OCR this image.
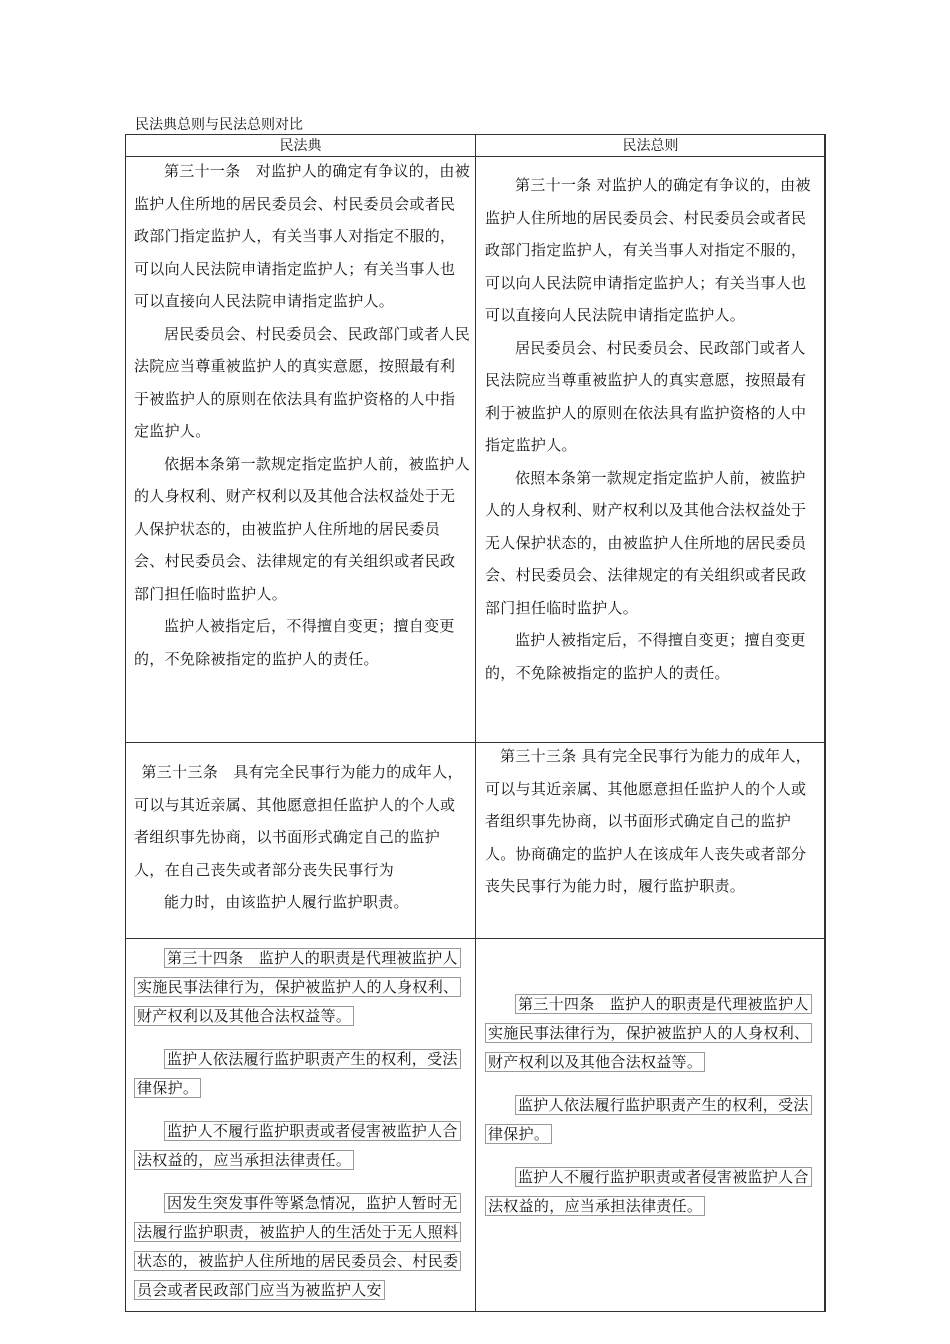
民法典总则与民法总则对比
民法典	民法总则

第三十一条　对监护人的确定有争议的，由被监护人住所地的居民委员会、村民委员会或者民政部门指定监护人，有关当事人对指定不服的，可以向人民法院申请指定监护人；有关当事人也可以直接向人民法院申请指定监护人。

居民委员会、村民委员会、民政部门或者人民法院应当尊重被监护人的真实意愿，按照最有利于被监护人的原则在依法具有监护资格的人中指定监护人。

依据本条第一款规定指定监护人前，被监护人的人身权利、财产权利以及其他合法权益处于无人保护状态的，由被监护人住所地的居民委员会、村民委员会、法律规定的有关组织或者民政部门担任临时监护人。

监护人被指定后，不得擅自变更；擅自变更的，不免除被指定的监护人的责任。

第三十一条 对监护人的确定有争议的，由被监护人住所地的居民委员会、村民委员会或者民政部门指定监护人，有关当事人对指定不服的，可以向人民法院申请指定监护人；有关当事人也可以直接向人民法院申请指定监护人。

居民委员会、村民委员会、民政部门或者人民法院应当尊重被监护人的真实意愿，按照最有利于被监护人的原则在依法具有监护资格的人中指定监护人。

依照本条第一款规定指定监护人前，被监护人的人身权利、财产权利以及其他合法权益处于无人保护状态的，由被监护人住所地的居民委员会、村民委员会、法律规定的有关组织或者民政部门担任临时监护人。

监护人被指定后，不得擅自变更；擅自变更的，不免除被指定的监护人的责任。

第三十三条　具有完全民事行为能力的成年人，可以与其近亲属、其他愿意担任监护人的个人或者组织事先协商，以书面形式确定自己的监护人，在自己丧失或者部分丧失民事行为

能力时，由该监护人履行监护职责。

第三十三条 具有完全民事行为能力的成年人，可以与其近亲属、其他愿意担任监护人的个人或者组织事先协商，以书面形式确定自己的监护人。协商确定的监护人在该成年人丧失或者部分丧失民事行为能力时，履行监护职责。

第三十四条　监护人的职责是代理被监护人实施民事法律行为，保护被监护人的人身权利、财产权利以及其他合法权益等。

监护人依法履行监护职责产生的权利，受法律保护。

监护人不履行监护职责或者侵害被监护人合法权益的，应当承担法律责任。

因发生突发事件等紧急情况，监护人暂时无法履行监护职责，被监护人的生活处于无人照料状态的，被监护人住所地的居民委员会、村民委员会或者民政部门应当为被监护人安

第三十四条　监护人的职责是代理被监护人实施民事法律行为，保护被监护人的人身权利、财产权利以及其他合法权益等。

监护人依法履行监护职责产生的权利，受法律保护。

监护人不履行监护职责或者侵害被监护人合法权益的，应当承担法律责任。
